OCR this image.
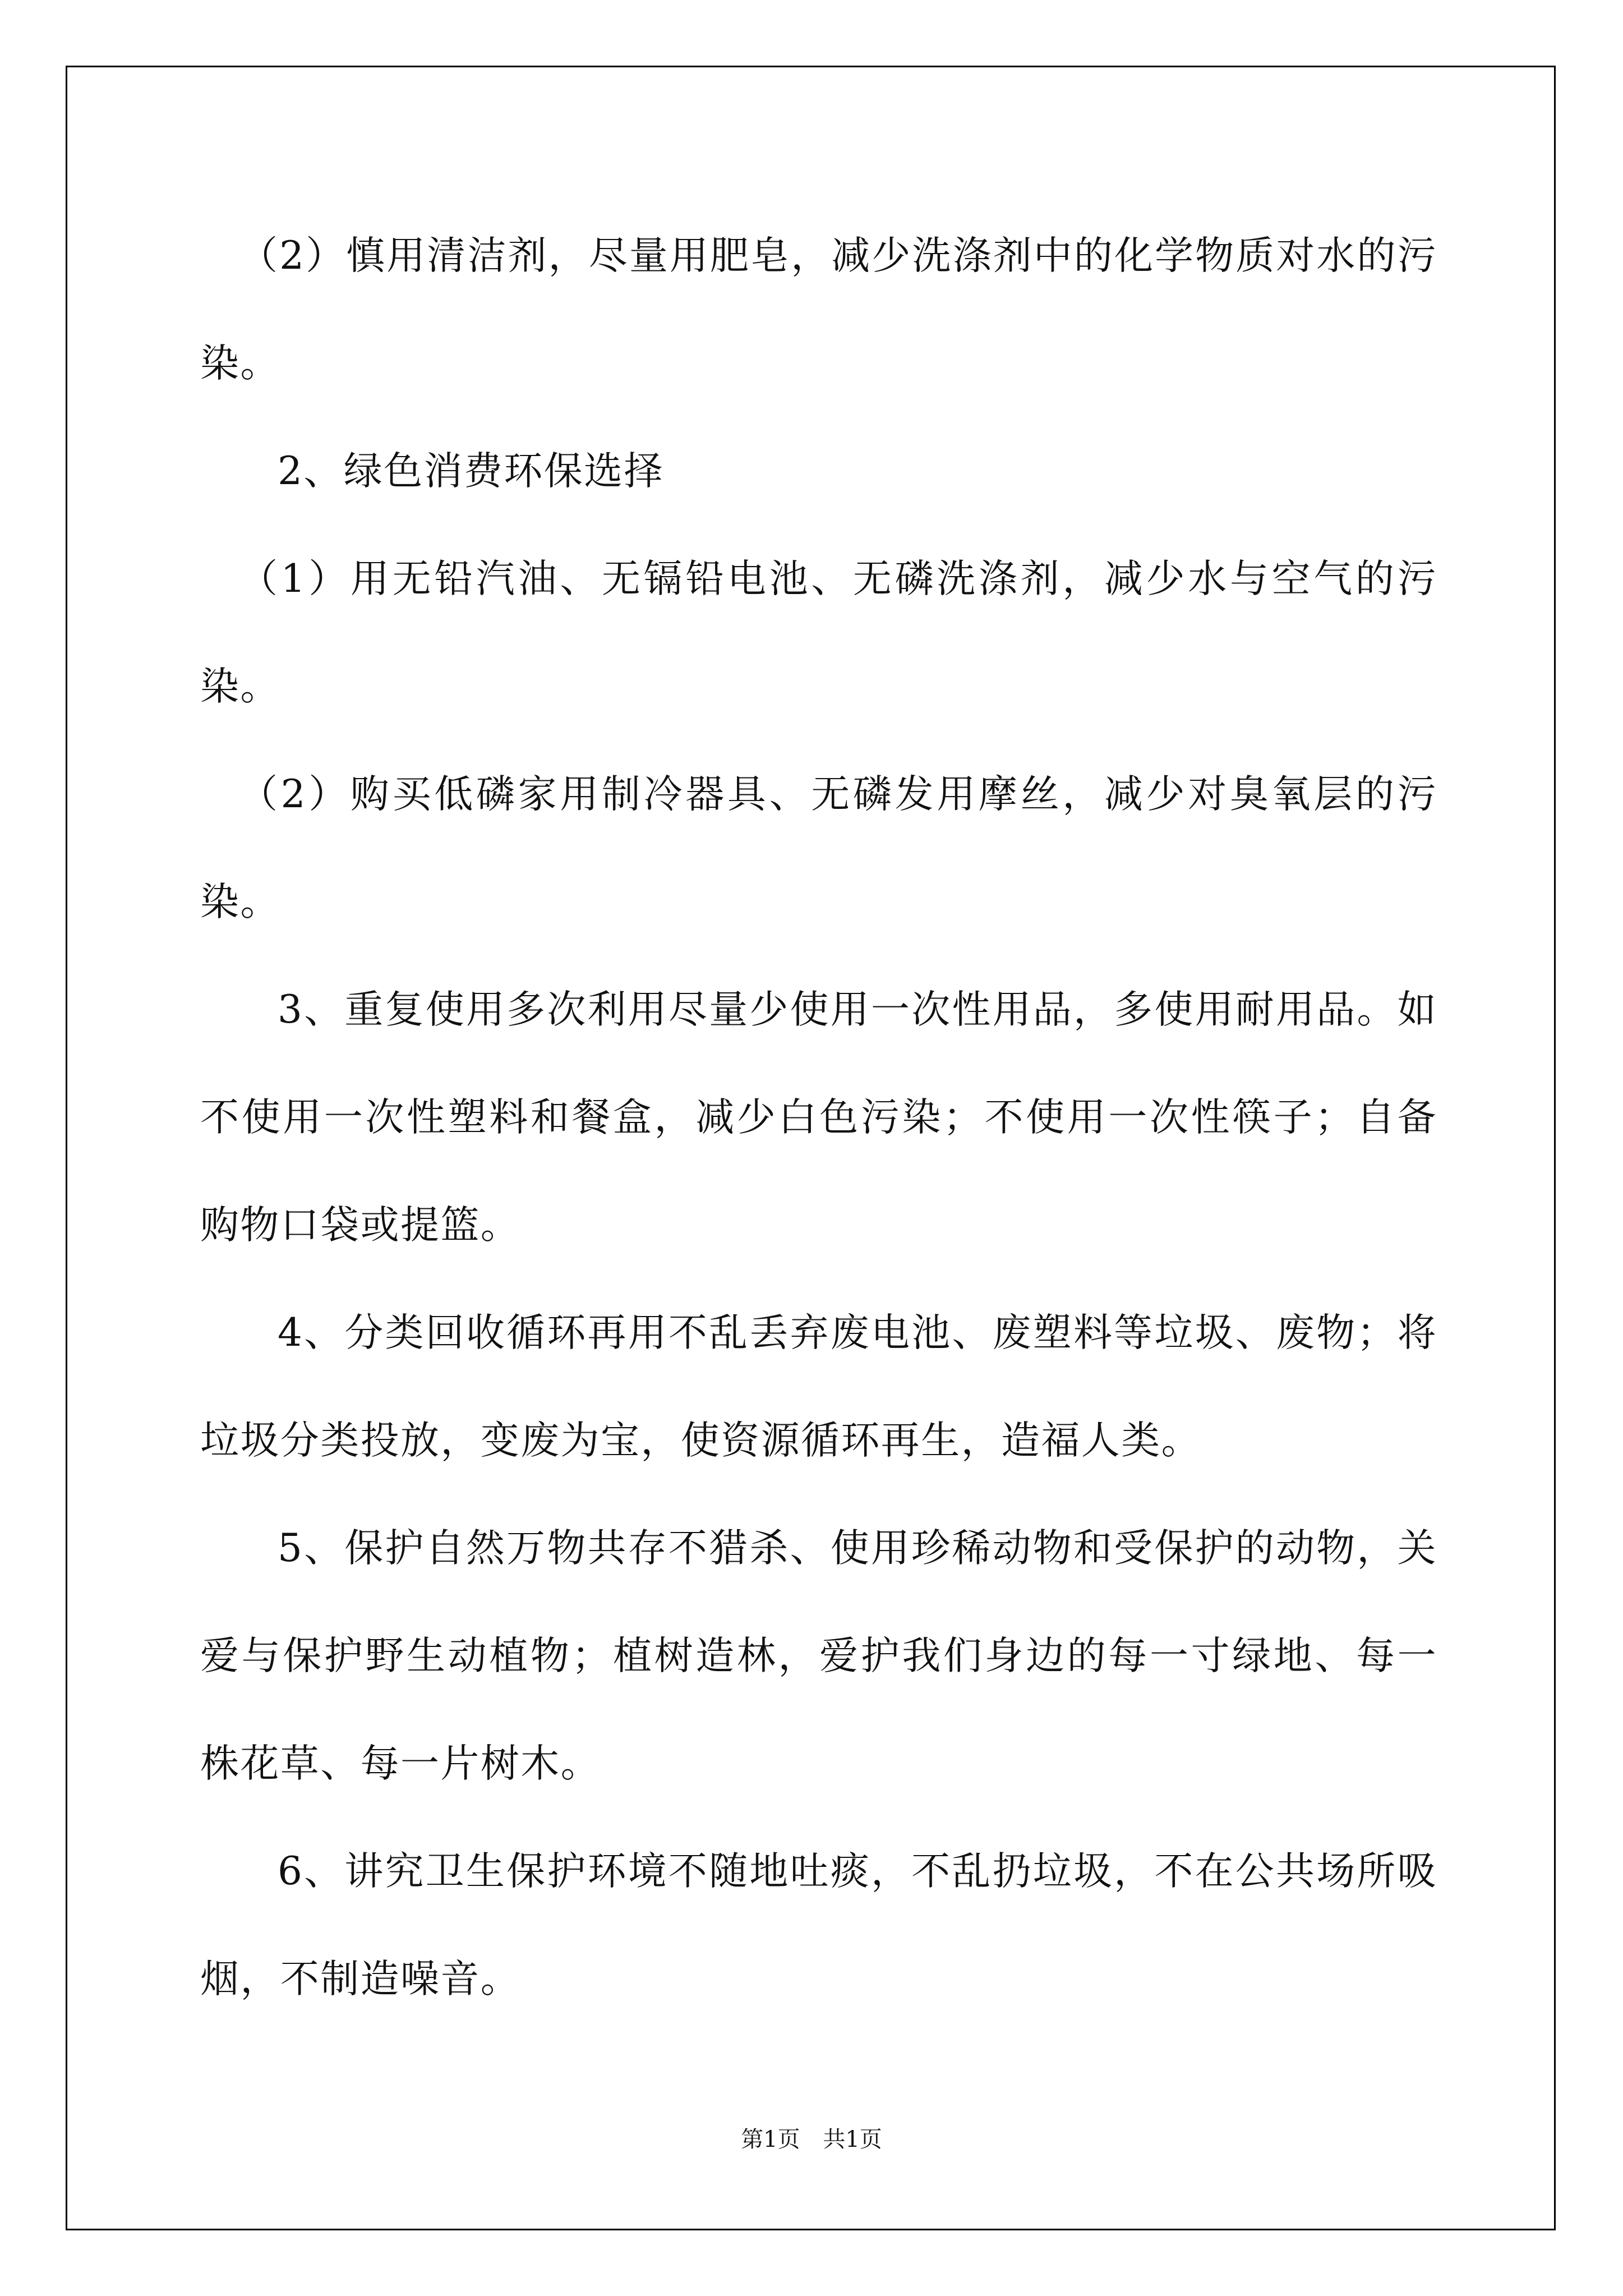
（2）慎用清洁剂，尽量用肥皂，减少洗涤剂中的化学物质对水的污染。

2、绿色消费环保选择

（1）用无铅汽油、无镉铅电池、无磷洗涤剂，减少水与空气的污染。

（2）购买低磷家用制冷器具、无磷发用摩丝，减少对臭氧层的污染。

3、重复使用多次利用尽量少使用一次性用品，多使用耐用品。如不使用一次性塑料和餐盒，减少白色污染；不使用一次性筷子；自备购物口袋或提篮。

4、分类回收循环再用不乱丢弃废电池、废塑料等垃圾、废物；将垃圾分类投放，变废为宝，使资源循环再生，造福人类。

5、保护自然万物共存不猎杀、使用珍稀动物和受保护的动物，关爱与保护野生动植物；植树造林，爱护我们身边的每一寸绿地、每一株花草、每一片树木。

6、讲究卫生保护环境不随地吐痰，不乱扔垃圾，不在公共场所吸烟，不制造噪音。

第1页 共1页
